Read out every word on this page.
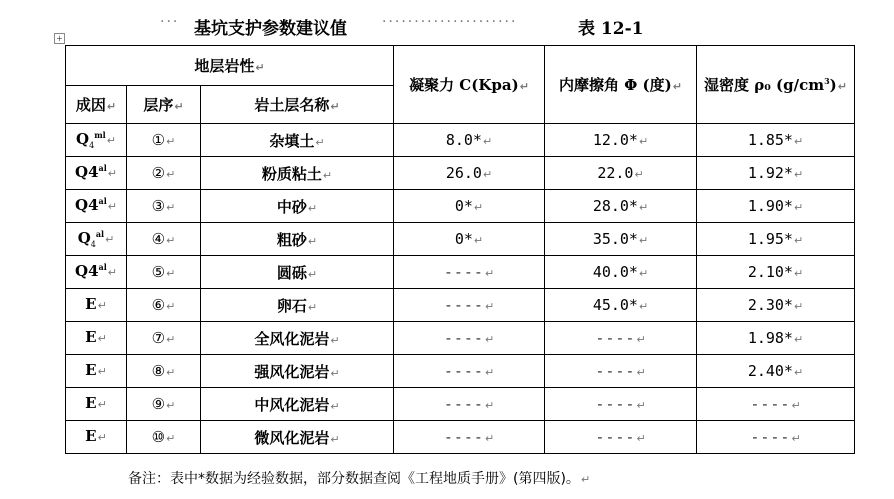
··· 基坑支护参数建议值	·····················	表 12-1
+
地层岩性↵			凝聚力 C(Kpa)↵	内摩擦角 Φ (度)↵	湿密度 ρ₀ $(g/cm^3)↵$
成因↵	层序↵	岩土层名称↵			
$Q_4^{ml}↵$	①↵	杂填土↵	8.0*↵	12.0*↵	1.85*↵
$Q4^{al}↵$	②↵	粉质粘土↵	26.0↵	22.0↵	1.92*↵
$Q4^{al}↵$	③↵	中砂↵	0*↵	28.0*↵	1.90*↵
$Q_4^{al}↵$	④↵	粗砂↵	0*↵	35.0*↵	1.95*↵
$Q4^{al}↵$	⑤↵	圆砾↵	----↵	40.0*↵	2.10*↵
E↵	⑥↵	卵石↵	----↵	45.0*↵	2.30*↵
E↵	⑦↵	全风化泥岩↵	----↵	----↵	1.98*↵
E↵	⑧↵	强风化泥岩↵	----↵	----↵	2.40*↵
E↵	⑨↵	中风化泥岩↵	----↵	----↵	----↵
E↵	⑩↵	微风化泥岩↵	----↵	----↵	----↵
备注：表中*数据为经验数据，部分数据查阅《工程地质手册》(第四版)。↵
